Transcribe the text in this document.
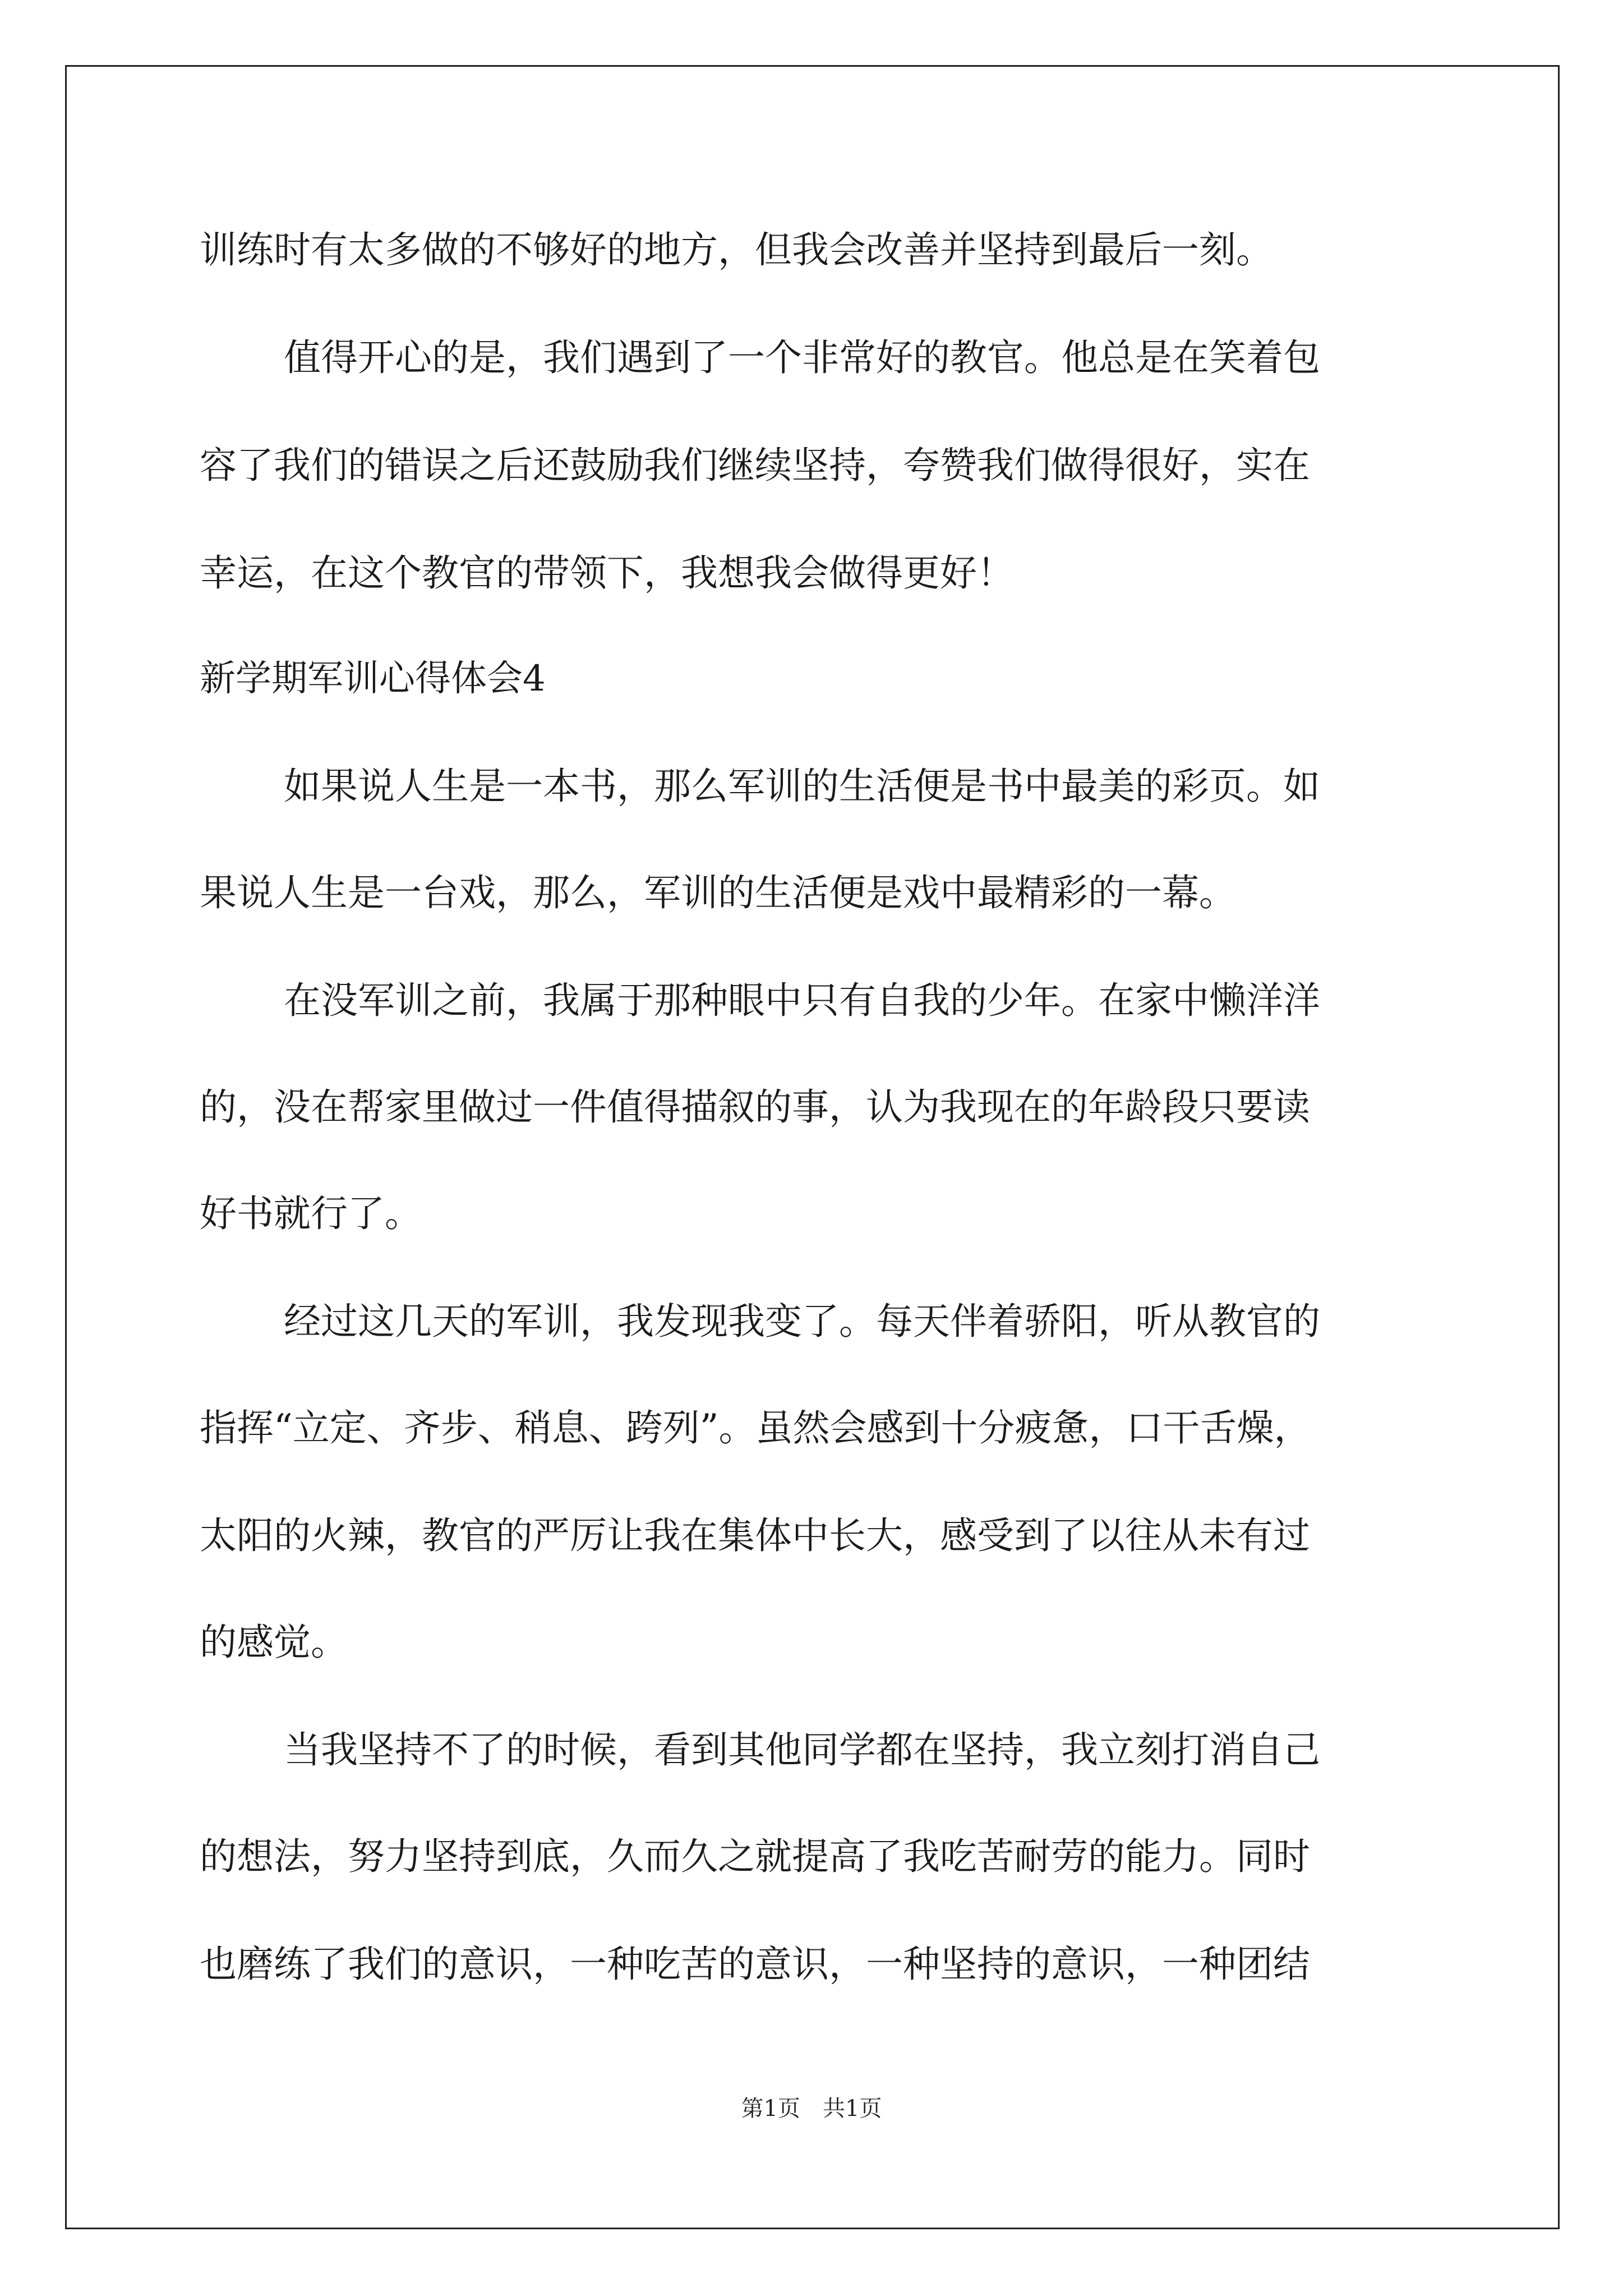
训练时有太多做的不够好的地方，但我会改善并坚持到最后一刻。
值得开心的是，我们遇到了一个非常好的教官。他总是在笑着包
容了我们的错误之后还鼓励我们继续坚持，夸赞我们做得很好，实在
幸运，在这个教官的带领下，我想我会做得更好！
新学期军训心得体会4
如果说人生是一本书，那么军训的生活便是书中最美的彩页。如
果说人生是一台戏，那么，军训的生活便是戏中最精彩的一幕。
在没军训之前，我属于那种眼中只有自我的少年。在家中懒洋洋
的，没在帮家里做过一件值得描叙的事，认为我现在的年龄段只要读
好书就行了。
经过这几天的军训，我发现我变了。每天伴着骄阳，听从教官的
指挥“立定、齐步、稍息、跨列”。虽然会感到十分疲惫，口干舌燥，
太阳的火辣，教官的严厉让我在集体中长大，感受到了以往从未有过
的感觉。
当我坚持不了的时候，看到其他同学都在坚持，我立刻打消自己
的想法，努力坚持到底，久而久之就提高了我吃苦耐劳的能力。同时
也磨练了我们的意识，一种吃苦的意识，一种坚持的意识，一种团结
第1页　共1页
